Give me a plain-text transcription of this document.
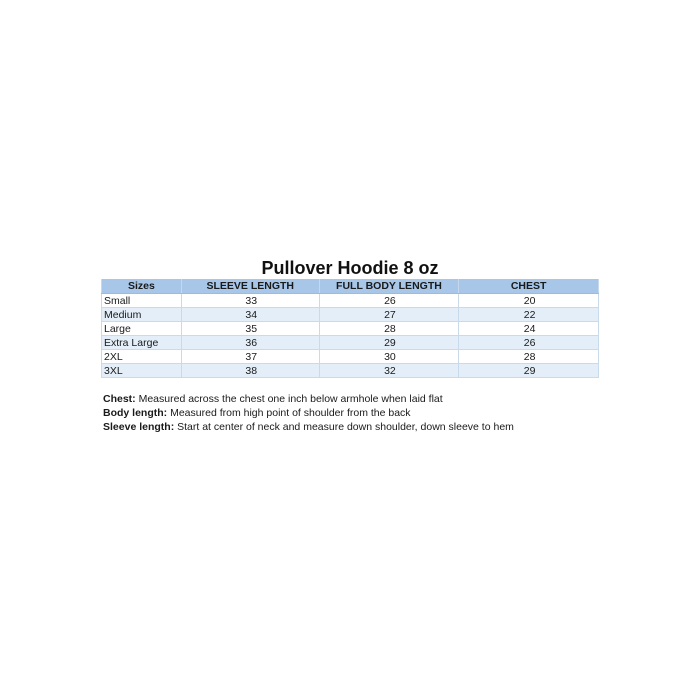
Pullover Hoodie 8 oz
Sizes	SLEEVE LENGTH	FULL BODY LENGTH	CHEST
Small	33	26	20
Medium	34	27	22
Large	35	28	24
Extra Large	36	29	26
2XL	37	30	28
3XL	38	32	29
Chest: Measured across the chest one inch below armhole when laid flat
Body length: Measured from high point of shoulder from the back
Sleeve length: Start at center of neck and measure down shoulder, down sleeve to hem
